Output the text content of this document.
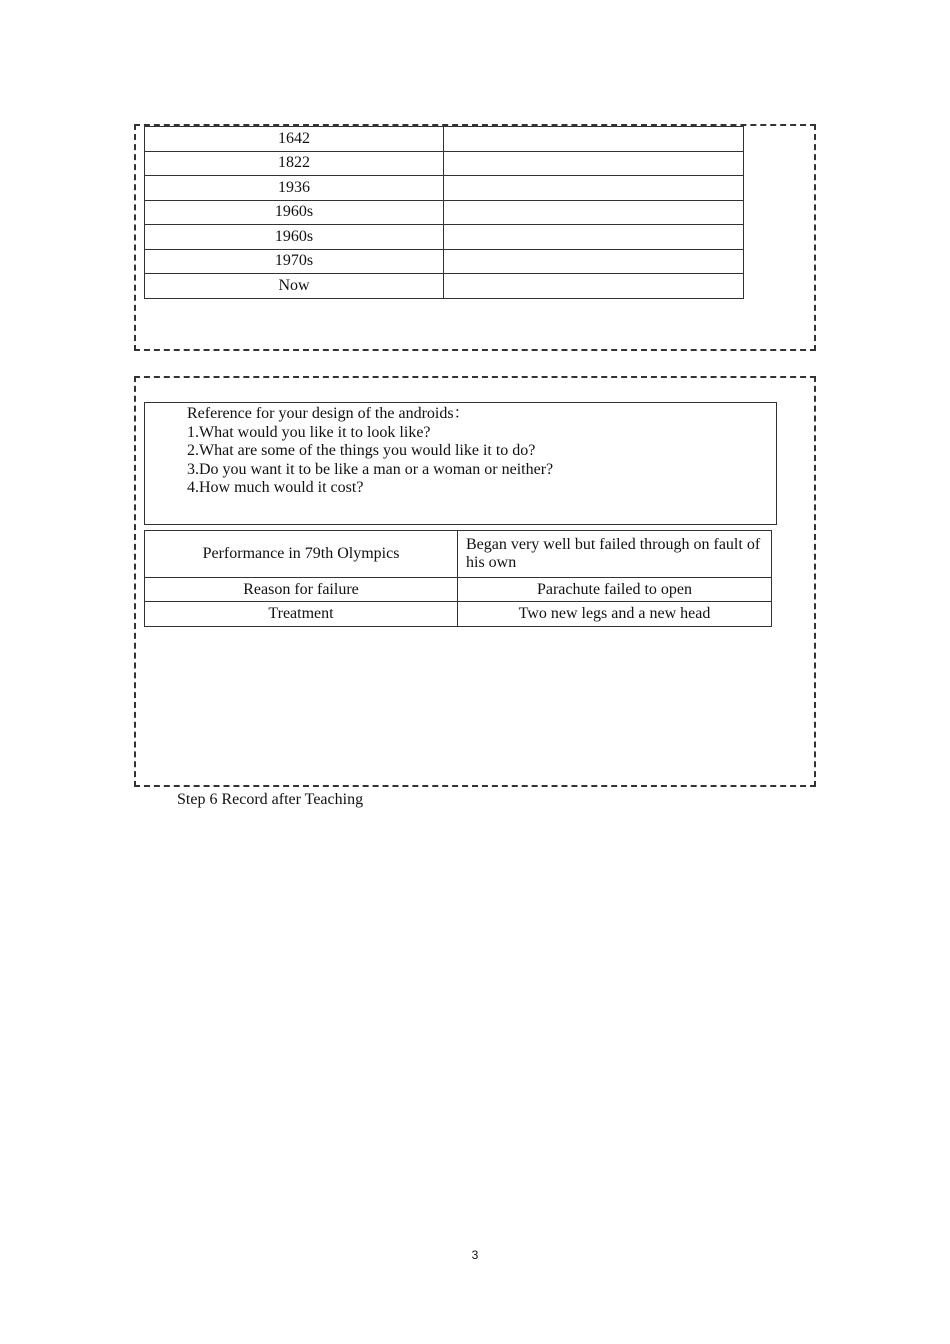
1642	
1822	
1936	
1960s	
1960s	
1970s	
Now	
Reference for your design of the androids：
1.What would you like it to look like?
2.What are some of the things you would like it to do?
3.Do you want it to be like a man or a woman or neither?
4.How much would it cost?
Performance in 79th Olympics	Began very well but failed through on fault of his own
Reason for failure	Parachute failed to open
Treatment	Two new legs and a new head
Step 6 Record after Teaching
3
